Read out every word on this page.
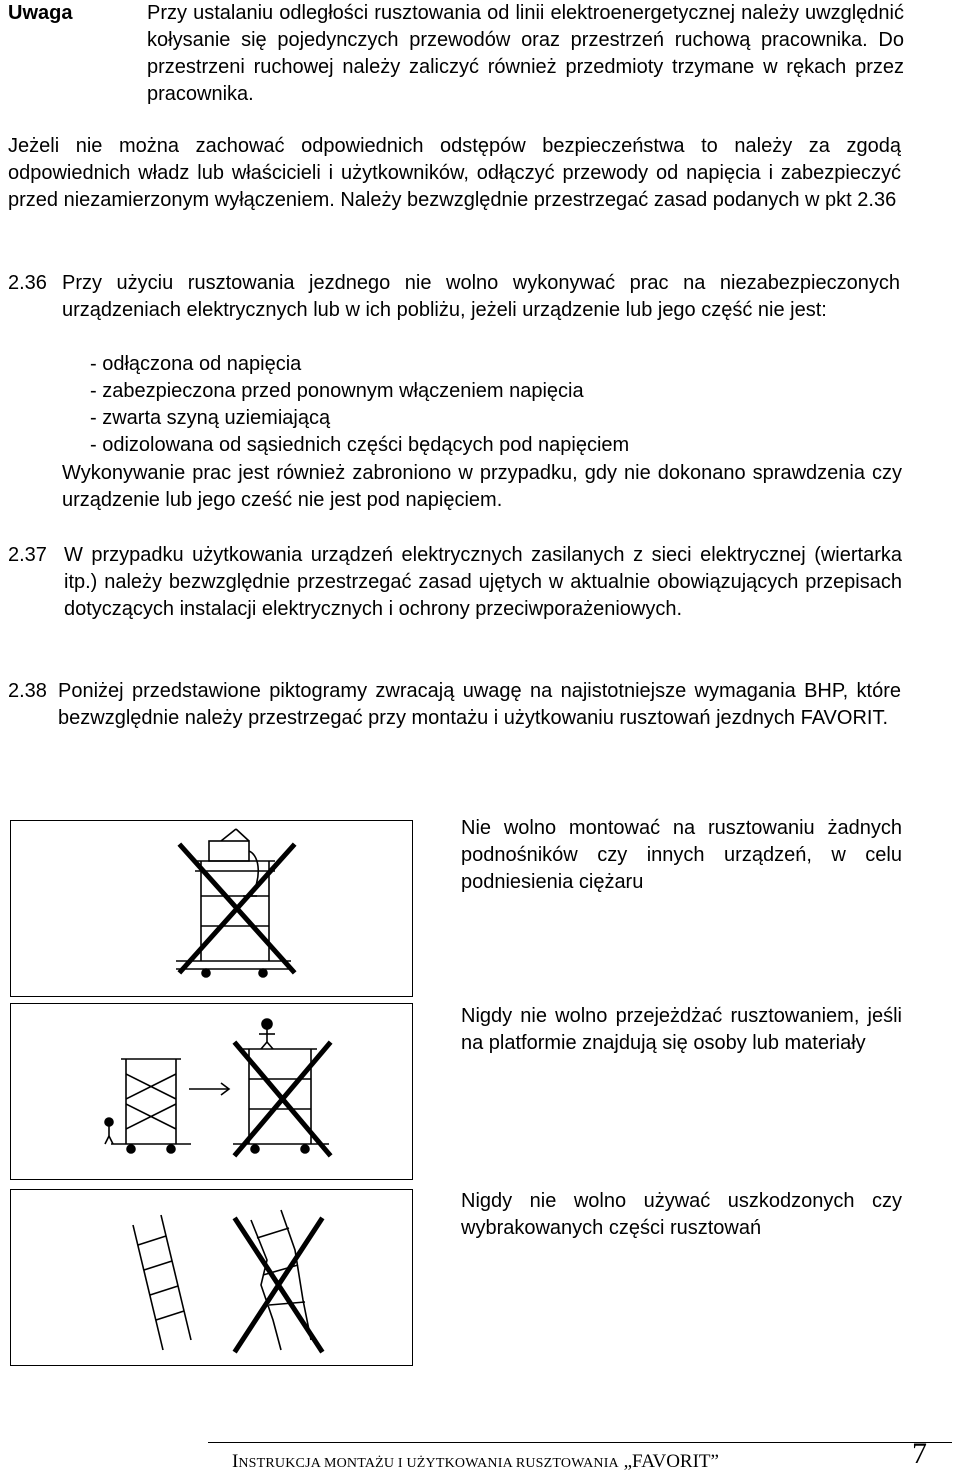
Uwaga	Przy ustalaniu odległości rusztowania od linii elektroenergetycznej należy uwzględnić kołysanie się pojedynczych przewodów oraz przestrzeń ruchową pracownika. Do przestrzeni ruchowej należy zaliczyć również przedmioty trzymane w rękach przez pracownika.
Jeżeli nie można zachować odpowiednich odstępów bezpieczeństwa to należy za zgodą odpowiednich władz lub właścicieli i użytkowników, odłączyć przewody od napięcia i zabezpieczyć przed niezamierzonym wyłączeniem. Należy bezwzględnie przestrzegać zasad podanych w pkt 2.36
2.36 Przy użyciu rusztowania jezdnego nie wolno wykonywać prac na niezabezpieczonych urządzeniach elektrycznych lub w ich pobliżu, jeżeli urządzenie lub jego część nie jest:
- odłączona od napięcia
- zabezpieczona przed ponownym włączeniem napięcia
- zwarta szyną uziemiającą
- odizolowana od sąsiednich części będących pod napięciem
Wykonywanie prac jest również zabroniono w przypadku, gdy nie dokonano sprawdzenia czy urządzenie lub jego cześć nie jest pod napięciem.
2.37 W przypadku użytkowania urządzeń elektrycznych zasilanych z sieci elektrycznej (wiertarka itp.) należy bezwzględnie przestrzegać zasad ujętych w aktualnie obowiązujących przepisach dotyczących instalacji elektrycznych i ochrony przeciwporażeniowych.
2.38 Poniżej przedstawione piktogramy zwracają uwagę na najistotniejsze wymagania BHP, które bezwzględnie należy przestrzegać przy montażu i użytkowaniu rusztowań jezdnych FAVORIT.
Nie wolno montować na rusztowaniu żadnych podnośników czy innych urządzeń, w celu podniesienia ciężaru
Nigdy nie wolno przejeżdżać rusztowaniem, jeśli na platformie znajdują się osoby lub materiały
Nigdy nie wolno używać uszkodzonych czy wybrakowanych części rusztowań
INSTRUKCJA MONTAŻU I UŻYTKOWANIA RUSZTOWANIA „FAVORIT”	7
